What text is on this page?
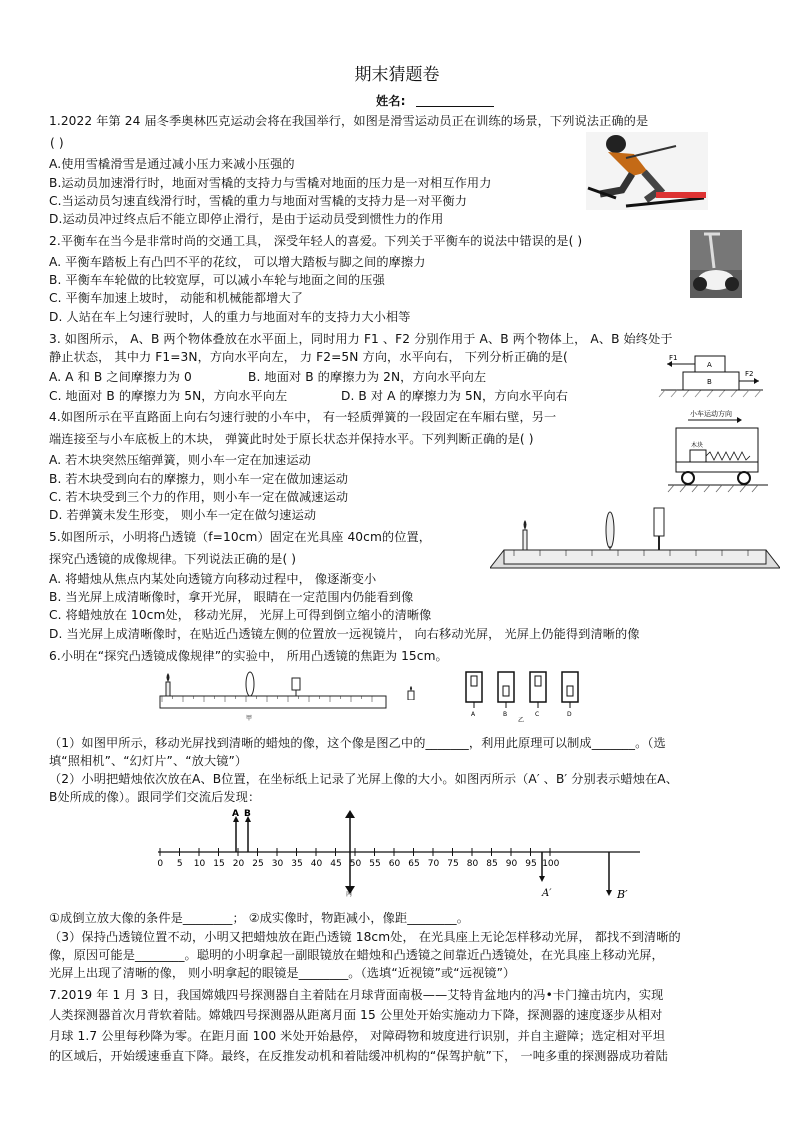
期末猜题卷
姓名:
1.2022 年第 24 届冬季奥林匹克运动会将在我国举行，如图是滑雪运动员正在训练的场景，下列说法正确的是
( )
A.使用雪橇滑雪是通过减小压力来减小压强的
B.运动员加速滑行时，地面对雪橇的支持力与雪橇对地面的压力是一对相互作用力
C.当运动员匀速直线滑行时，雪橇的重力与地面对雪橇的支持力是一对平衡力
D.运动员冲过终点后不能立即停止滑行，是由于运动员受到惯性力的作用
2.平衡车在当今是非常时尚的交通工具， 深受年轻人的喜爱。下列关于平衡车的说法中错误的是( )
A. 平衡车踏板上有凸凹不平的花纹， 可以增大踏板与脚之间的摩擦力
B. 平衡车车轮做的比较宽厚，可以减小车轮与地面之间的压强
C. 平衡车加速上坡时， 动能和机械能都增大了
D. 人站在车上匀速行驶时，人的重力与地面对车的支持力大小相等
3. 如图所示， A、B 两个物体叠放在水平面上，同时用力 F1 、F2 分别作用于 A、B 两个物体上， A、B 始终处于
静止状态， 其中力 F1=3N，方向水平向左， 力 F2=5N 方向，水平向右， 下列分析正确的是(
A. A 和 B 之间摩擦力为 0	B. 地面对 B 的摩擦力为 2N，方向水平向左
C. 地面对 B 的摩擦力为 5N，方向水平向左	D. B 对 A 的摩擦力为 5N，方向水平向右
F1
F2
A
B
4.如图所示在平直路面上向右匀速行驶的小车中， 有一轻质弹簧的一段固定在车厢右壁，另一
端连接至与小车底板上的木块， 弹簧此时处于原长状态并保持水平。下列判断正确的是( )
A. 若木块突然压缩弹簧，则小车一定在加速运动
B. 若木块受到向右的摩擦力，则小车一定在做加速运动
C. 若木块受到三个力的作用，则小车一定在做减速运动
D. 若弹簧未发生形变， 则小车一定在做匀速运动
小车运动方向
木块
5.如图所示，小明将凸透镜（f=10cm）固定在光具座 40cm的位置，
探究凸透镜的成像规律。下列说法正确的是( )
A. 将蜡烛从焦点内某处向透镜方向移动过程中， 像逐渐变小
B. 当光屏上成清晰像时，拿开光屏， 眼睛在一定范围内仍能看到像
C. 将蜡烛放在 10cm处， 移动光屏， 光屏上可得到倒立缩小的清晰像
D. 当光屏上成清晰像时，在贴近凸透镜左侧的位置放一远视镜片， 向右移动光屏， 光屏上仍能得到清晰的像
6.小明在“探究凸透镜成像规律”的实验中， 所用凸透镜的焦距为 15cm。
甲
A	B	C	D
乙
（1）如图甲所示，移动光屏找到清晰的蜡烛的像，这个像是图乙中的_______，利用此原理可以制成_______。（选
填“照相机”、“幻灯片”、“放大镜”）
（2）小明把蜡烛依次放在A、B位置，在坐标纸上记录了光屏上像的大小。如图丙所示（A′ 、B′ 分别表示蜡烛在A、
B处所成的像）。跟同学们交流后发现：
0 5 10 15 20 25 30 35 40 45 50 55 60 65 70 75 80 85 90 95 100
A B
A′	B′
丙
①成倒立放大像的条件是________； ②成实像时，物距减小，像距________。
（3）保持凸透镜位置不动，小明又把蜡烛放在距凸透镜 18cm处， 在光具座上无论怎样移动光屏， 都找不到清晰的
像，原因可能是________。聪明的小明拿起一副眼镜放在蜡烛和凸透镜之间靠近凸透镜处，在光具座上移动光屏，
光屏上出现了清晰的像， 则小明拿起的眼镜是________。（选填“近视镜”或“远视镜”）
7.2019 年 1 月 3 日，我国嫦娥四号探测器自主着陆在月球背面南极——艾特肯盆地内的冯•卡门撞击坑内，实现
人类探测器首次月背软着陆。嫦娥四号探测器从距离月面 15 公里处开始实施动力下降，探测器的速度逐步从相对
月球 1.7 公里每秒降为零。在距月面 100 米处开始悬停， 对障碍物和坡度进行识别，并自主避障；选定相对平坦
的区域后，开始缓速垂直下降。最终，在反推发动机和着陆缓冲机构的“保驾护航”下， 一吨多重的探测器成功着陆
